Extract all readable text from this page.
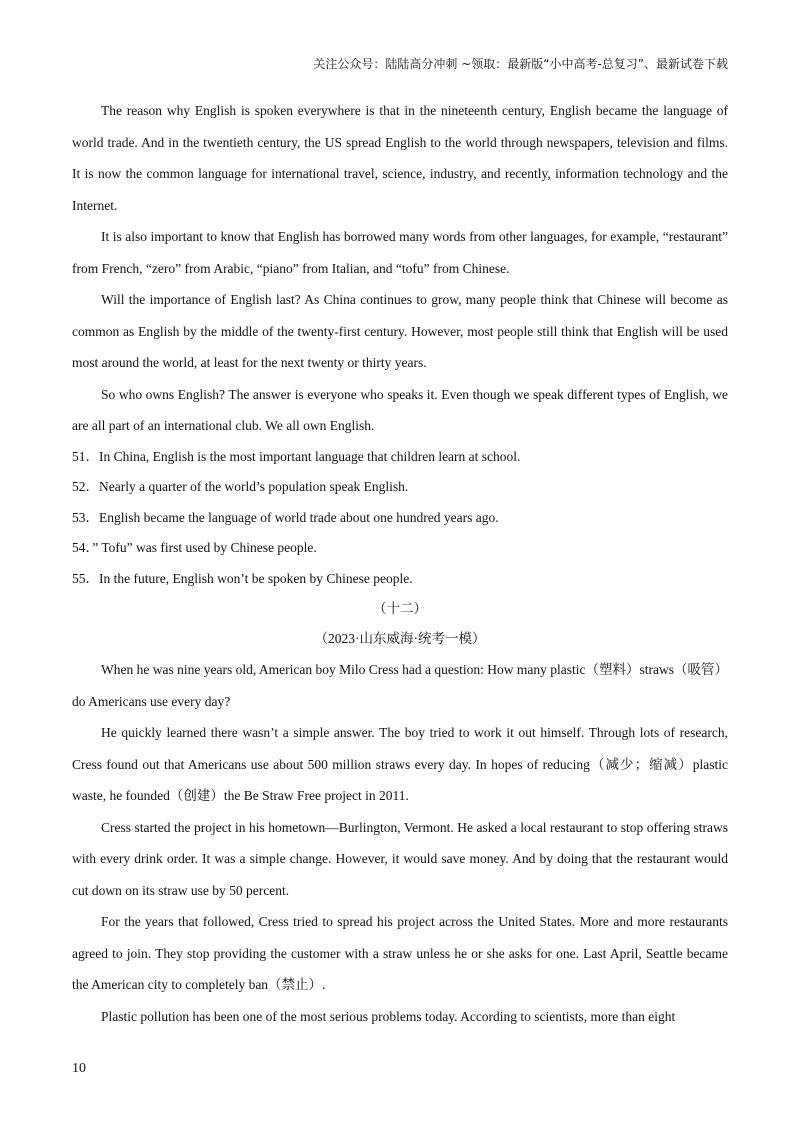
关注公众号：陆陆高分冲刺 ~领取：最新版“小中高考-总复习”、最新试卷下载

The reason why English is spoken everywhere is that in the nineteenth century, English became the language of world trade. And in the twentieth century, the US spread English to the world through newspapers, television and films. It is now the common language for international travel, science, industry, and recently, information technology and the Internet.

It is also important to know that English has borrowed many words from other languages, for example, “restaurant” from French, “zero” from Arabic, “piano” from Italian, and “tofu” from Chinese.

Will the importance of English last? As China continues to grow, many people think that Chinese will become as common as English by the middle of the twenty-first century. However, most people still think that English will be used most around the world, at least for the next twenty or thirty years.

So who owns English? The answer is everyone who speaks it. Even though we speak different types of English, we are all part of an international club. We all own English.

51．In China, English is the most important language that children learn at school.

52．Nearly a quarter of the world’s population speak English.

53．English became the language of world trade about one hundred years ago.

54．” Tofu” was first used by Chinese people.

55．In the future, English won’t be spoken by Chinese people.

（十二）

（2023·山东威海·统考一模）

When he was nine years old, American boy Milo Cress had a question: How many plastic（塑料）straws（吸管）do Americans use every day?

He quickly learned there wasn’t a simple answer. The boy tried to work it out himself. Through lots of research, Cress found out that Americans use about 500 million straws every day. In hopes of reducing（减少；缩减）plastic waste, he founded（创建）the Be Straw Free project in 2011.

Cress started the project in his hometown—Burlington, Vermont. He asked a local restaurant to stop offering straws with every drink order. It was a simple change. However, it would save money. And by doing that the restaurant would cut down on its straw use by 50 percent.

For the years that followed, Cress tried to spread his project across the United States. More and more restaurants agreed to join. They stop providing the customer with a straw unless he or she asks for one. Last April, Seattle became the American city to completely ban（禁止）.

Plastic pollution has been one of the most serious problems today. According to scientists, more than eight

10
